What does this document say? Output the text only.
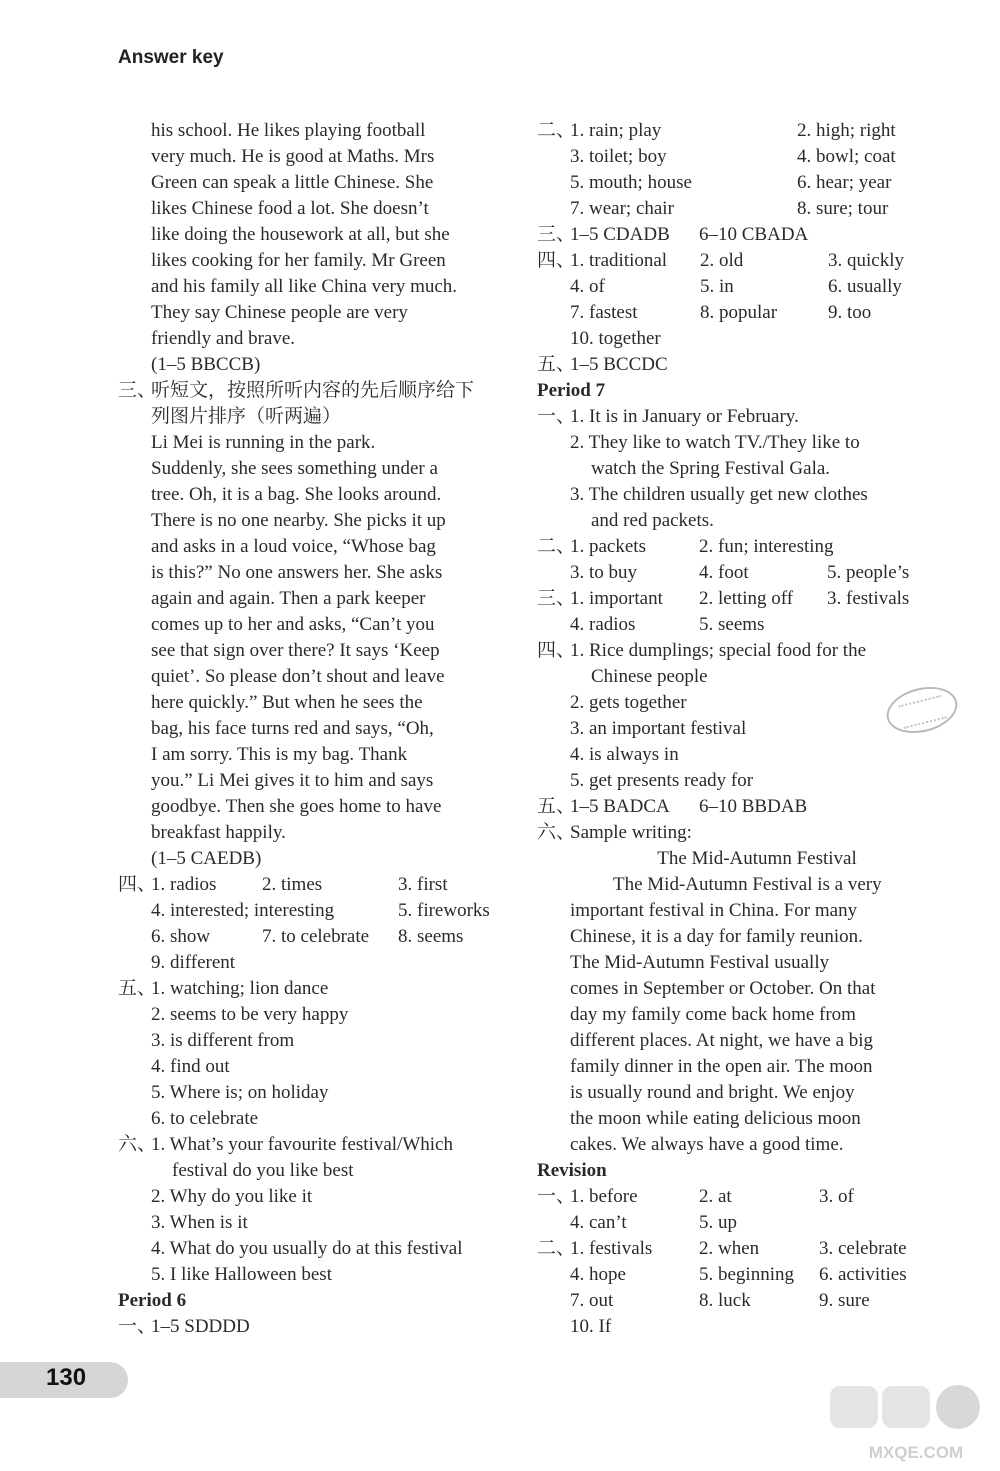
Answer key
his school. He likes playing football
very much. He is good at Maths. Mrs
Green can speak a little Chinese. She
likes Chinese food a lot. She doesn’t
like doing the housework at all, but she
likes cooking for her family. Mr Green
and his family all like China very much.
They say Chinese people are very
friendly and brave.
(1–5 BBCCB)
三、听短文，按照所听内容的先后顺序给下
列图片排序（听两遍）
Li Mei is running in the park.
Suddenly, she sees something under a
tree. Oh, it is a bag. She looks around.
There is no one nearby. She picks it up
and asks in a loud voice, “Whose bag
is this?” No one answers her. She asks
again and again. Then a park keeper
comes up to her and asks, “Can’t you
see that sign over there? It says ‘Keep
quiet’. So please don’t shout and leave
here quickly.” But when he sees the
bag, his face turns red and says, “Oh,
I am sorry. This is my bag. Thank
you.” Li Mei gives it to him and says
goodbye. Then she goes home to have
breakfast happily.
(1–5 CAEDB)
四、
1. radios 2. times	3. first
4. interested; interesting	5. fireworks
6. show	7. to celebrate 8. seems
9. different
五、1. watching; lion dance
2. seems to be very happy
3. is different from
4. find out
5. Where is; on holiday
6. to celebrate
六、1. What’s your favourite festival/Which
festival do you like best
2. Why do you like it
3. When is it
4. What do you usually do at this festival
5. I like Halloween best
Period 6
一、1–5 SDDDD
二、
1. rain; play	2. high; right
3. toilet; boy	4. bowl; coat
5. mouth; house	6. hear; year
7. wear; chair	8. sure; tour
三、
1–5 CDADB 6–10 CBADA
四、
1. traditional 2. old	3. quickly
4. of	5. in	6. usually
7. fastest	8. popular	9. too
10. together
五、1–5 BCCDC
Period 7
一、1. It is in January or February.
2. They like to watch TV./They like to
watch the Spring Festival Gala.
3. The children usually get new clothes
and red packets.
二、
1. packets	2. fun; interesting
3. to buy	4. foot	5. people’s
三、
1. important 2. letting off 3. festivals
4. radios	5. seems
四、1. Rice dumplings; special food for the
Chinese people
2. gets together
3. an important festival
4. is always in
5. get presents ready for
五、
1–5 BADCA 6–10 BBDAB
六、Sample writing:
The Mid-Autumn Festival
The Mid-Autumn Festival is a very
important festival in China. For many
Chinese, it is a day for family reunion.
The Mid-Autumn Festival usually
comes in September or October. On that
day my family come back home from
different places. At night, we have a big
family dinner in the open air. The moon
is usually round and bright. We enjoy
the moon while eating delicious moon
cakes. We always have a good time.
Revision
一、
1. before	2. at	3. of
4. can’t	5. up
二、
1. festivals 2. when	3. celebrate
4. hope	5. beginning 6. activities
7. out	8. luck	9. sure
10. If
130
MXQE.COM
